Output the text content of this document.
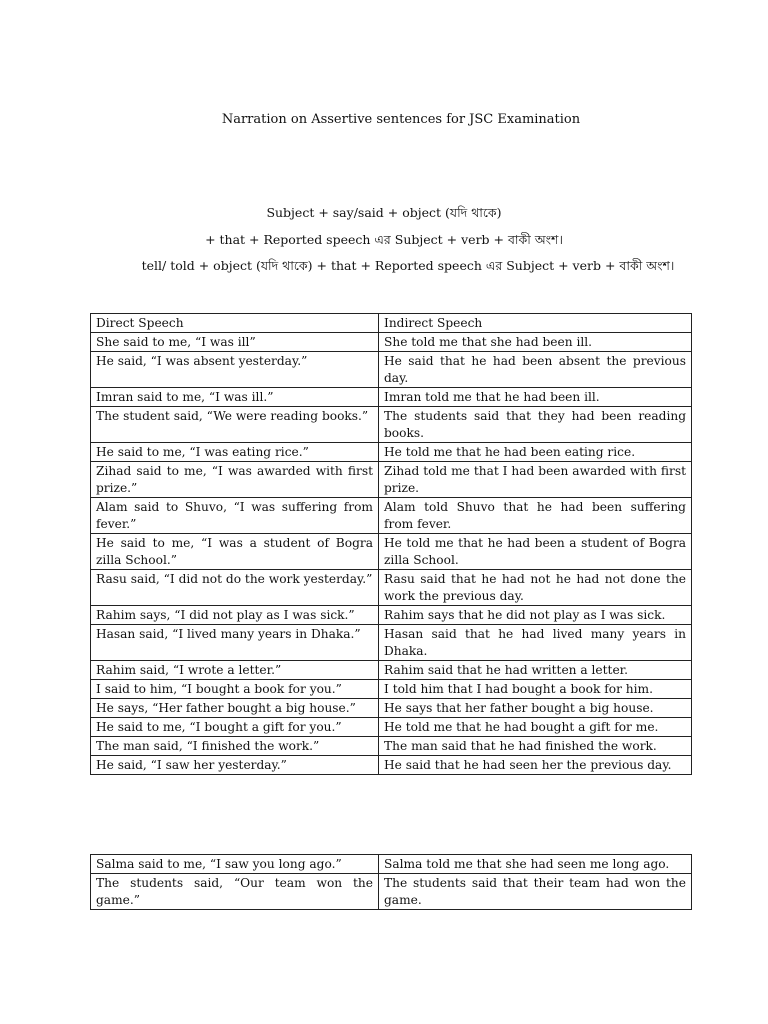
Narration on Assertive sentences for JSC Examination
Subject + say/said + object (যদি থাকে)
+ that + Reported speech এর Subject + verb + বাকী অংশ।
tell/ told + object (যদি থাকে) + that + Reported speech এর Subject + verb + বাকী অংশ।
Direct Speech	Indirect Speech
She said to me, “I was ill”	She told me that she had been ill.
He said, “I was absent yesterday.”	He said that he had been absent the previous day.
Imran said to me, “I was ill.”	Imran told me that he had been ill.
The student said, “We were reading books.”	The students said that they had been reading books.
He said to me, “I was eating rice.”	He told me that he had been eating rice.
Zihad said to me, “I was awarded with first prize.”	Zihad told me that I had been awarded with first prize.
Alam said to Shuvo, “I was suffering from fever.”	Alam told Shuvo that he had been suffering from fever.
He said to me, “I was a student of Bogra zilla School.”	He told me that he had been a student of Bogra zilla School.
Rasu said, “I did not do the work yesterday.”	Rasu said that he had not he had not done the work the previous day.
Rahim says, “I did not play as I was sick.”	Rahim says that he did not play as I was sick.
Hasan said, “I lived many years in Dhaka.”	Hasan said that he had lived many years in Dhaka.
Rahim said, “I wrote a letter.”	Rahim said that he had written a letter.
I said to him, “I bought a book for you.”	I told him that I had bought a book for him.
He says, “Her father bought a big house.”	He says that her father bought a big house.
He said to me, “I bought a gift for you.”	He told me that he had bought a gift for me.
The man said, “I finished the work.”	The man said that he had finished the work.
He said, “I saw her yesterday.”	He said that he had seen her the previous day.
Salma said to me, “I saw you long ago.”	Salma told me that she had seen me long ago.
The students said, “Our team won the game.”	The students said that their team had won the game.
